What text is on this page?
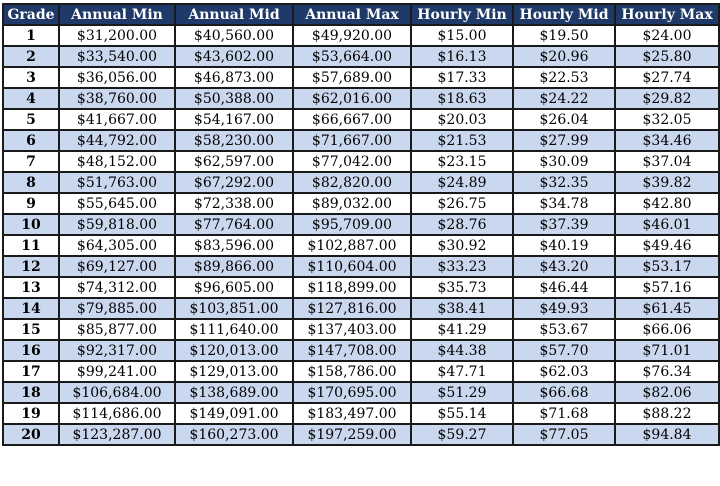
Grade	Annual Min	Annual Mid	Annual Max	Hourly Min	Hourly Mid	Hourly Max
1	$31,200.00	$40,560.00	$49,920.00	$15.00	$19.50	$24.00
2	$33,540.00	$43,602.00	$53,664.00	$16.13	$20.96	$25.80
3	$36,056.00	$46,873.00	$57,689.00	$17.33	$22.53	$27.74
4	$38,760.00	$50,388.00	$62,016.00	$18.63	$24.22	$29.82
5	$41,667.00	$54,167.00	$66,667.00	$20.03	$26.04	$32.05
6	$44,792.00	$58,230.00	$71,667.00	$21.53	$27.99	$34.46
7	$48,152.00	$62,597.00	$77,042.00	$23.15	$30.09	$37.04
8	$51,763.00	$67,292.00	$82,820.00	$24.89	$32.35	$39.82
9	$55,645.00	$72,338.00	$89,032.00	$26.75	$34.78	$42.80
10	$59,818.00	$77,764.00	$95,709.00	$28.76	$37.39	$46.01
11	$64,305.00	$83,596.00	$102,887.00	$30.92	$40.19	$49.46
12	$69,127.00	$89,866.00	$110,604.00	$33.23	$43.20	$53.17
13	$74,312.00	$96,605.00	$118,899.00	$35.73	$46.44	$57.16
14	$79,885.00	$103,851.00	$127,816.00	$38.41	$49.93	$61.45
15	$85,877.00	$111,640.00	$137,403.00	$41.29	$53.67	$66.06
16	$92,317.00	$120,013.00	$147,708.00	$44.38	$57.70	$71.01
17	$99,241.00	$129,013.00	$158,786.00	$47.71	$62.03	$76.34
18	$106,684.00	$138,689.00	$170,695.00	$51.29	$66.68	$82.06
19	$114,686.00	$149,091.00	$183,497.00	$55.14	$71.68	$88.22
20	$123,287.00	$160,273.00	$197,259.00	$59.27	$77.05	$94.84
